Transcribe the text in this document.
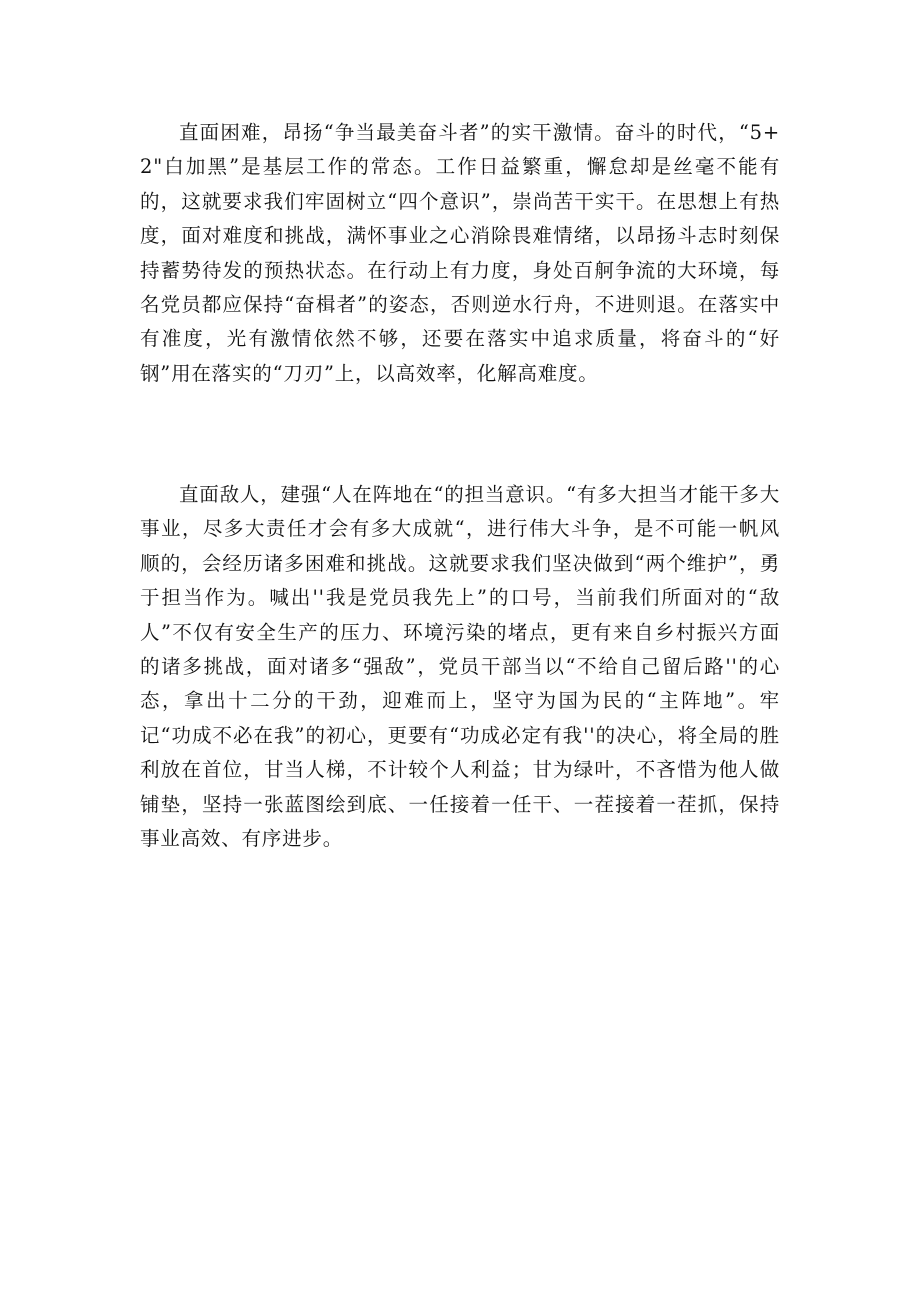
直面困难，昂扬“争当最美奋斗者”的实干激情。奋斗的时代，“5+2"白加黑”是基层工作的常态。工作日益繁重，懈怠却是丝毫不能有的，这就要求我们牢固树立“四个意识”，崇尚苦干实干。在思想上有热度，面对难度和挑战，满怀事业之心消除畏难情绪，以昂扬斗志时刻保持蓄势待发的预热状态。在行动上有力度，身处百舸争流的大环境，每名党员都应保持“奋楫者”的姿态，否则逆水行舟，不进则退。在落实中有准度，光有激情依然不够，还要在落实中追求质量，将奋斗的“好钢”用在落实的“刀刃”上，以高效率，化解高难度。

直面敌人，建强“人在阵地在“的担当意识。“有多大担当才能干多大事业，尽多大责任才会有多大成就“，进行伟大斗争，是不可能一帆风顺的，会经历诸多困难和挑战。这就要求我们坚决做到“两个维护”，勇于担当作为。喊出''我是党员我先上”的口号，当前我们所面对的“敌人”不仅有安全生产的压力、环境污染的堵点，更有来自乡村振兴方面的诸多挑战，面对诸多“强敌”，党员干部当以“不给自己留后路''的心态，拿出十二分的干劲，迎难而上，坚守为国为民的“主阵地”。牢记“功成不必在我”的初心，更要有“功成必定有我''的决心，将全局的胜利放在首位，甘当人梯，不计较个人利益；甘为绿叶，不吝惜为他人做铺垫，坚持一张蓝图绘到底、一任接着一任干、一茬接着一茬抓，保持事业高效、有序进步。
